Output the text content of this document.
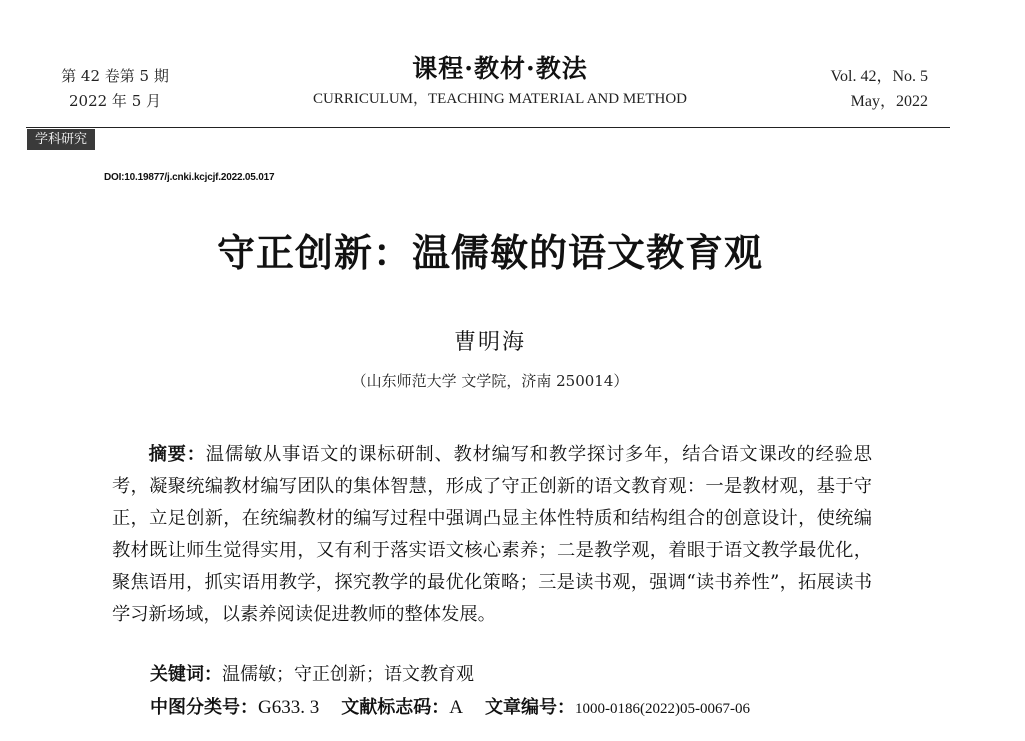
第 42 卷第 5 期
2022 年 5 月
课程·教材·教法
CURRICULUM，TEACHING MATERIAL AND METHOD
Vol. 42，No. 5
May，2022
学科研究
DOI:10.19877/j.cnki.kcjcjf.2022.05.017
守正创新：温儒敏的语文教育观
曹明海
（山东师范大学 文学院，济南 250014）

摘要：温儒敏从事语文的课标研制、教材编写和教学探讨多年，结合语文课改的经验思考，凝聚统编教材编写团队的集体智慧，形成了守正创新的语文教育观：一是教材观，基于守正，立足创新，在统编教材的编写过程中强调凸显主体性特质和结构组合的创意设计，使统编教材既让师生觉得实用，又有利于落实语文核心素养；二是教学观，着眼于语文教学最优化，聚焦语用，抓实语用教学，探究教学的最优化策略；三是读书观，强调“读书养性”，拓展读书学习新场域，以素养阅读促进教师的整体发展。

关键词：温儒敏；守正创新；语文教育观
中图分类号：G633. 3 文献标志码：A 文章编号：1000-0186(2022)05-0067-06
